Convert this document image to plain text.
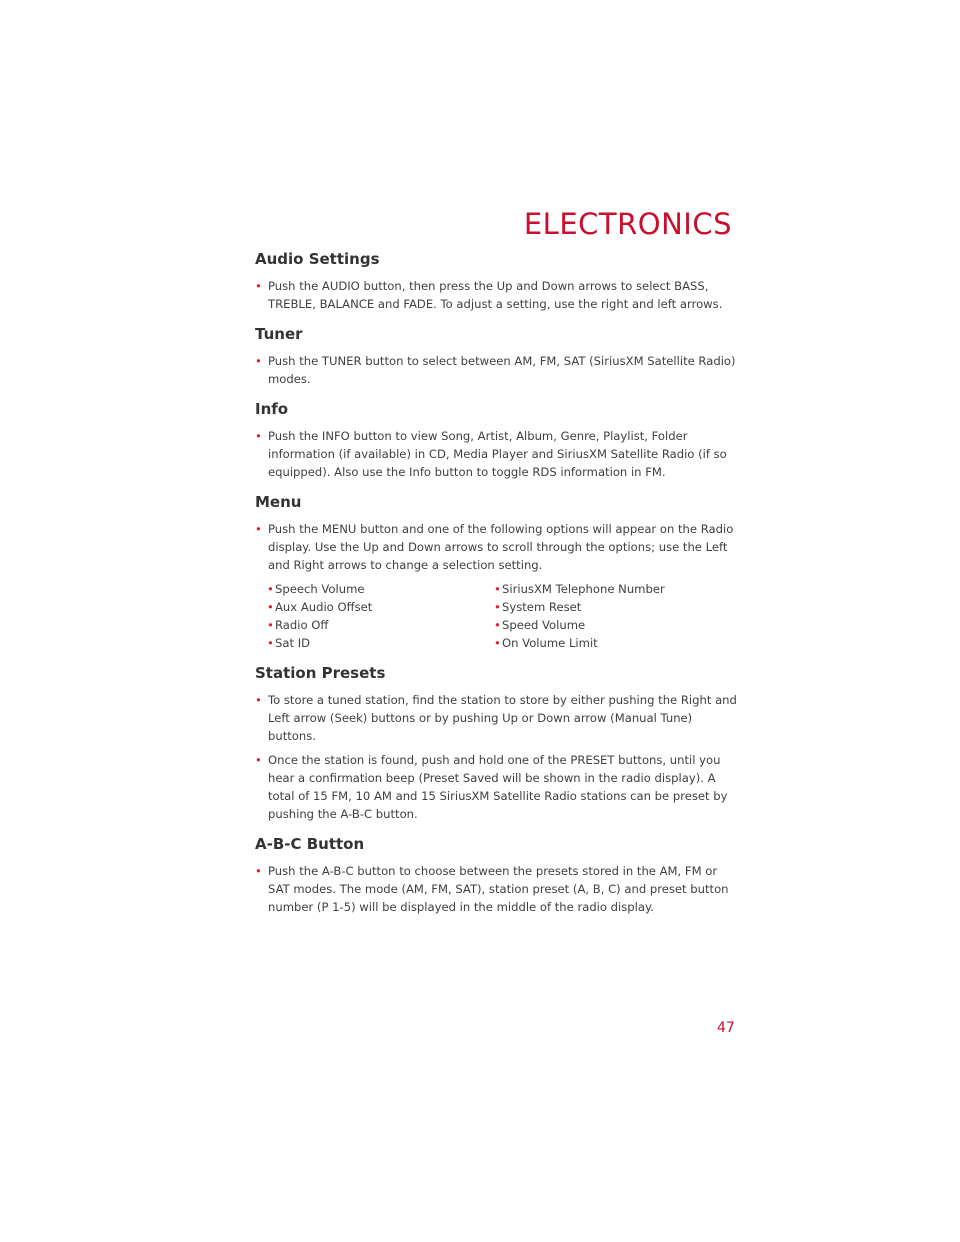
ELECTRONICS
Audio Settings

• Push the AUDIO button, then press the Up and Down arrows to select BASS, TREBLE, BALANCE and FADE. To adjust a setting, use the right and left arrows.

Tuner

• Push the TUNER button to select between AM, FM, SAT (SiriusXM Satellite Radio) modes.

Info

• Push the INFO button to view Song, Artist, Album, Genre, Playlist, Folder information (if available) in CD, Media Player and SiriusXM Satellite Radio (if so equipped). Also use the Info button to toggle RDS information in FM.

Menu

• Push the MENU button and one of the following options will appear on the Radio display. Use the Up and Down arrows to scroll through the options; use the Left and Right arrows to change a selection setting.

• Speech Volume	• SiriusXM Telephone Number
• Aux Audio Offset	• System Reset
• Radio Off	• Speed Volume
• Sat ID	• On Volume Limit
Station Presets

• To store a tuned station, find the station to store by either pushing the Right and Left arrow (Seek) buttons or by pushing Up or Down arrow (Manual Tune) buttons.

• Once the station is found, push and hold one of the PRESET buttons, until you hear a confirmation beep (Preset Saved will be shown in the radio display). A total of 15 FM, 10 AM and 15 SiriusXM Satellite Radio stations can be preset by pushing the A-B-C button.

A-B-C Button

• Push the A-B-C button to choose between the presets stored in the AM, FM or SAT modes. The mode (AM, FM, SAT), station preset (A, B, C) and preset button number (P 1-5) will be displayed in the middle of the radio display.

47
